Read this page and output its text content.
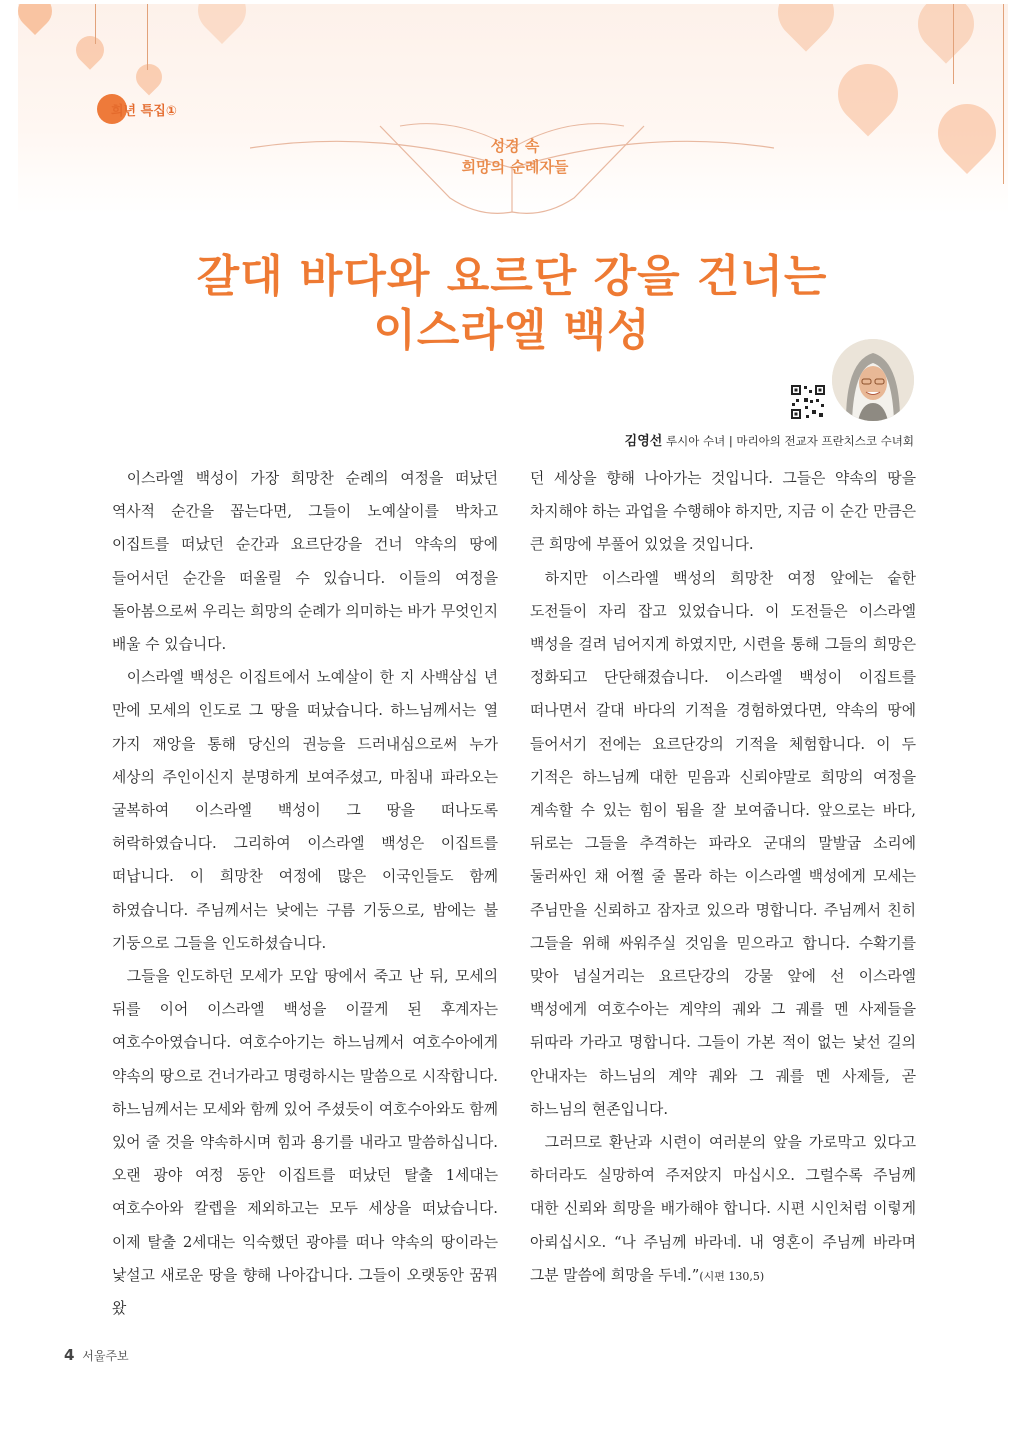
희년 특집①
성경 속
희망의 순례자들
갈대 바다와 요르단 강을 건너는
이스라엘 백성
김영선 루시아 수녀 | 마리아의 전교자 프란치스코 수녀회

이스라엘 백성이 가장 희망찬 순례의 여정을 떠났던 역사적 순간을 꼽는다면, 그들이 노예살이를 박차고 이집트를 떠났던 순간과 요르단강을 건너 약속의 땅에 들어서던 순간을 떠올릴 수 있습니다. 이들의 여정을 돌아봄으로써 우리는 희망의 순례가 의미하는 바가 무엇인지 배울 수 있습니다.

이스라엘 백성은 이집트에서 노예살이 한 지 사백삼십 년 만에 모세의 인도로 그 땅을 떠났습니다. 하느님께서는 열 가지 재앙을 통해 당신의 권능을 드러내심으로써 누가 세상의 주인이신지 분명하게 보여주셨고, 마침내 파라오는 굴복하여 이스라엘 백성이 그 땅을 떠나도록 허락하였습니다. 그리하여 이스라엘 백성은 이집트를 떠납니다. 이 희망찬 여정에 많은 이국인들도 함께 하였습니다. 주님께서는 낮에는 구름 기둥으로, 밤에는 불 기둥으로 그들을 인도하셨습니다.

그들을 인도하던 모세가 모압 땅에서 죽고 난 뒤, 모세의 뒤를 이어 이스라엘 백성을 이끌게 된 후계자는 여호수아였습니다. 여호수아기는 하느님께서 여호수아에게 약속의 땅으로 건너가라고 명령하시는 말씀으로 시작합니다. 하느님께서는 모세와 함께 있어 주셨듯이 여호수아와도 함께 있어 줄 것을 약속하시며 힘과 용기를 내라고 말씀하십니다. 오랜 광야 여정 동안 이집트를 떠났던 탈출 1세대는 여호수아와 칼렙을 제외하고는 모두 세상을 떠났습니다. 이제 탈출 2세대는 익숙했던 광야를 떠나 약속의 땅이라는 낯설고 새로운 땅을 향해 나아갑니다. 그들이 오랫동안 꿈꿔 왔

던 세상을 향해 나아가는 것입니다. 그들은 약속의 땅을 차지해야 하는 과업을 수행해야 하지만, 지금 이 순간 만큼은 큰 희망에 부풀어 있었을 것입니다.

하지만 이스라엘 백성의 희망찬 여정 앞에는 숱한 도전들이 자리 잡고 있었습니다. 이 도전들은 이스라엘 백성을 걸려 넘어지게 하였지만, 시련을 통해 그들의 희망은 정화되고 단단해졌습니다. 이스라엘 백성이 이집트를 떠나면서 갈대 바다의 기적을 경험하였다면, 약속의 땅에 들어서기 전에는 요르단강의 기적을 체험합니다. 이 두 기적은 하느님께 대한 믿음과 신뢰야말로 희망의 여정을 계속할 수 있는 힘이 됨을 잘 보여줍니다. 앞으로는 바다, 뒤로는 그들을 추격하는 파라오 군대의 말발굽 소리에 둘러싸인 채 어쩔 줄 몰라 하는 이스라엘 백성에게 모세는 주님만을 신뢰하고 잠자코 있으라 명합니다. 주님께서 친히 그들을 위해 싸워주실 것임을 믿으라고 합니다. 수확기를 맞아 넘실거리는 요르단강의 강물 앞에 선 이스라엘 백성에게 여호수아는 계약의 궤와 그 궤를 멘 사제들을 뒤따라 가라고 명합니다. 그들이 가본 적이 없는 낯선 길의 안내자는 하느님의 계약 궤와 그 궤를 멘 사제들, 곧 하느님의 현존입니다.

그러므로 환난과 시련이 여러분의 앞을 가로막고 있다고 하더라도 실망하여 주저앉지 마십시오. 그럴수록 주님께 대한 신뢰와 희망을 배가해야 합니다. 시편 시인처럼 이렇게 아뢰십시오. “나 주님께 바라네. 내 영혼이 주님께 바라며 그분 말씀에 희망을 두네.”(시편 130,5)

4 서울주보
